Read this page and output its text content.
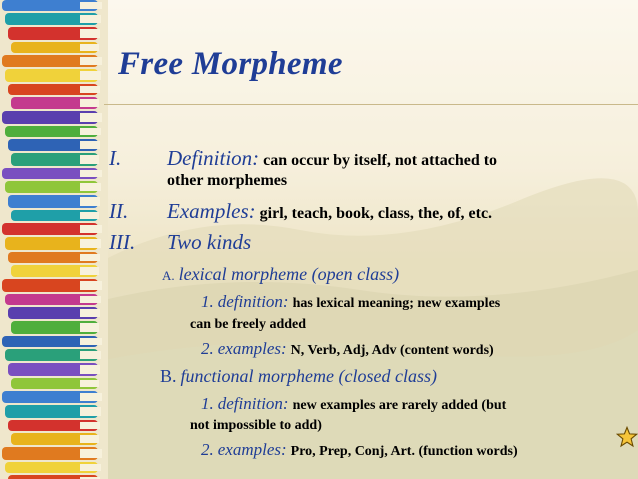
Free Morpheme
I. Definition: can occur by itself, not attached to
other morphemes
II. Examples: girl, teach, book, class, the, of, etc.
III. Two kinds
A. lexical morpheme (open class)
1. definition: has lexical meaning; new examples
can be freely added
2. examples: N, Verb, Adj, Adv (content words)
B. functional morpheme (closed class)
1. definition: new examples are rarely added (but
not impossible to add)
2. examples: Pro, Prep, Conj, Art. (function words)
